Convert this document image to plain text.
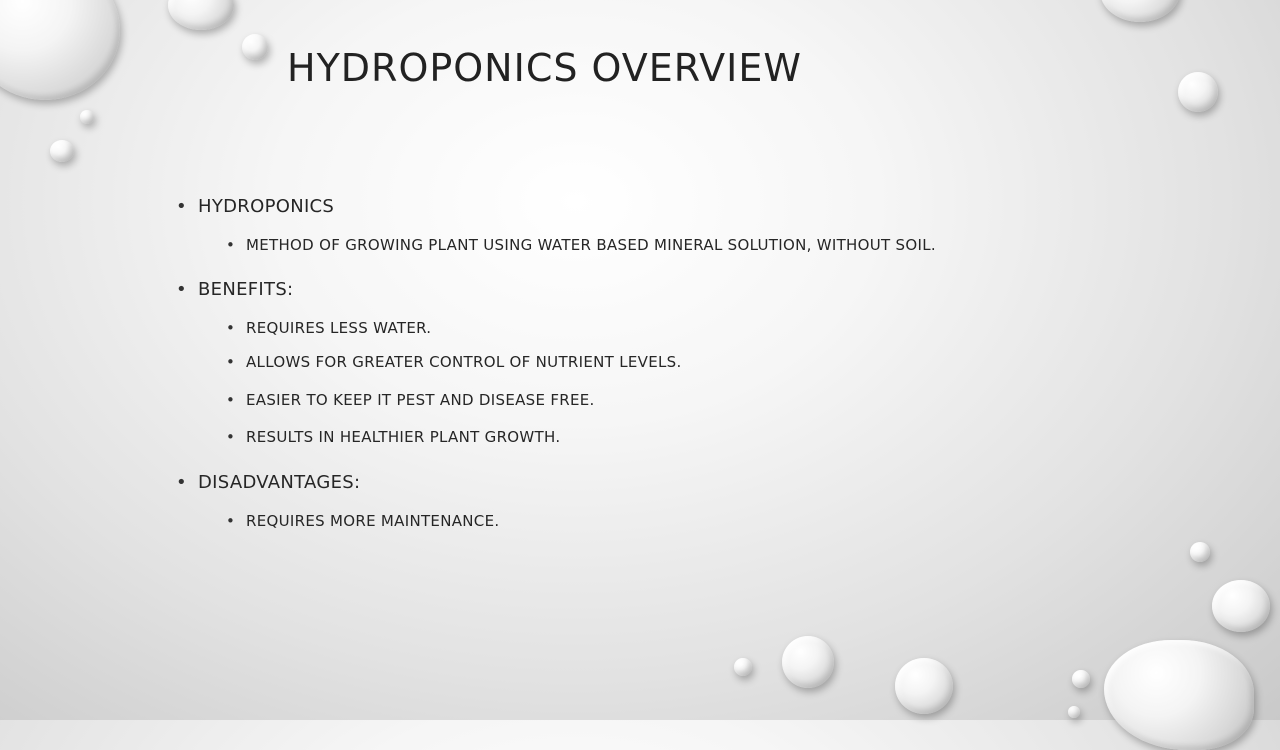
HYDROPONICS OVERVIEW
• HYDROPONICS
• METHOD OF GROWING PLANT USING WATER BASED MINERAL SOLUTION, WITHOUT SOIL.
• BENEFITS:
• REQUIRES LESS WATER.
• ALLOWS FOR GREATER CONTROL OF NUTRIENT LEVELS.
• EASIER TO KEEP IT PEST AND DISEASE FREE.
• RESULTS IN HEALTHIER PLANT GROWTH.
• DISADVANTAGES:
• REQUIRES MORE MAINTENANCE.
